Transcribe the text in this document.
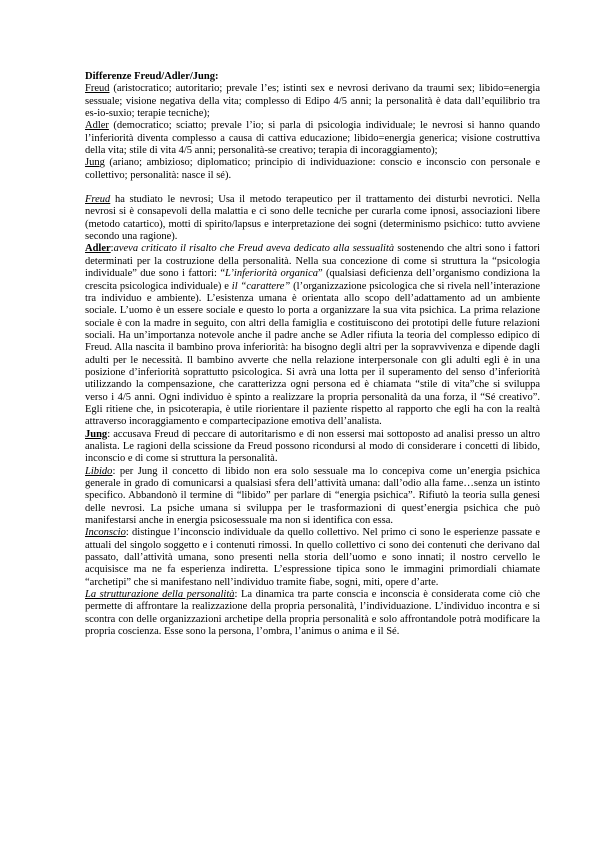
Differenze Freud/Adler/Jung:

Freud (aristocratico; autoritario; prevale l’es; istinti sex e nevrosi derivano da traumi sex; libido=energia sessuale; visione negativa della vita; complesso di Edipo 4/5 anni; la personalità è data dall’equilibrio tra es-io-suxio; terapie tecniche);

Adler (democratico; sciatto; prevale l’io; si parla di psicologia individuale; le nevrosi si hanno quando l’inferiorità diventa complesso a causa di cattiva educazione; libido=energia generica; visione costruttiva della vita; stile di vita 4/5 anni; personalità-se creativo; terapia di incoraggiamento);

Jung (ariano; ambizioso; diplomatico; principio di individuazione: conscio e inconscio con personale e collettivo; personalità: nasce il sé).

Freud ha studiato le nevrosi; Usa il metodo terapeutico per il trattamento dei disturbi nevrotici. Nella nevrosi si è consapevoli della malattia e ci sono delle tecniche per curarla come ipnosi, associazioni libere (metodo catartico), motti di spirito/lapsus e interpretazione dei sogni (determinismo psichico: tutto avviene secondo una ragione).

Adler:aveva criticato il risalto che Freud aveva dedicato alla sessualità sostenendo che altri sono i fattori determinati per la costruzione della personalità. Nella sua concezione di come si struttura la “psicologia individuale” due sono i fattori: “L’inferiorità organica” (qualsiasi deficienza dell’organismo condiziona la crescita psicologica individuale) e il “carattere” (l’organizzazione psicologica che si rivela nell’interazione tra individuo e ambiente). L’esistenza umana è orientata allo scopo dell’adattamento ad un ambiente sociale. L’uomo è un essere sociale e questo lo porta a organizzare la sua vita psichica. La prima relazione sociale è con la madre in seguito, con altri della famiglia e costituiscono dei prototipi delle future relazioni sociali. Ha un’importanza notevole anche il padre anche se Adler rifiuta la teoria del complesso edipico di Freud. Alla nascita il bambino prova inferiorità: ha bisogno degli altri per la sopravvivenza e dipende dagli adulti per le necessità. Il bambino avverte che nella relazione interpersonale con gli adulti egli è in una posizione d’inferiorità soprattutto psicologica. Si avrà una lotta per il superamento del senso d’inferiorità utilizzando la compensazione, che caratterizza ogni persona ed è chiamata “stile di vita”che si sviluppa verso i 4/5 anni. Ogni individuo è spinto a realizzare la propria personalità da una forza, il “Sé creativo”. Egli ritiene che, in psicoterapia, è utile riorientare il paziente rispetto al rapporto che egli ha con la realtà attraverso incoraggiamento e compartecipazione emotiva dell’analista.

Jung: accusava Freud di peccare di autoritarismo e di non essersi mai sottoposto ad analisi presso un altro analista. Le ragioni della scissione da Freud possono ricondursi al modo di considerare i concetti di libido, inconscio e di come si struttura la personalità.

Libido: per Jung il concetto di libido non era solo sessuale ma lo concepiva come un’energia psichica generale in grado di comunicarsi a qualsiasi sfera dell’attività umana: dall’odio alla fame…senza un istinto specifico. Abbandonò il termine di “libido” per parlare di “energia psichica”. Rifiutò la teoria sulla genesi delle nevrosi. La psiche umana si sviluppa per le trasformazioni di quest’energia psichica che può manifestarsi anche in energia psicosessuale ma non si identifica con essa.

Inconscio: distingue l’inconscio individuale da quello collettivo. Nel primo ci sono le esperienze passate e attuali del singolo soggetto e i contenuti rimossi. In quello collettivo ci sono dei contenuti che derivano dal passato, dall’attività umana, sono presenti nella storia dell’uomo e sono innati; il nostro cervello le acquisisce ma ne fa esperienza indiretta. L’espressione tipica sono le immagini primordiali chiamate “archetipi” che si manifestano nell’individuo tramite fiabe, sogni, miti, opere d’arte.

La strutturazione della personalità: La dinamica tra parte conscia e inconscia è considerata come ciò che permette di affrontare la realizzazione della propria personalità, l’individuazione. L’individuo incontra e si scontra con delle organizzazioni archetipe della propria personalità e solo affrontandole potrà modificare la propria coscienza. Esse sono la persona, l’ombra, l’animus o anima e il Sé.
